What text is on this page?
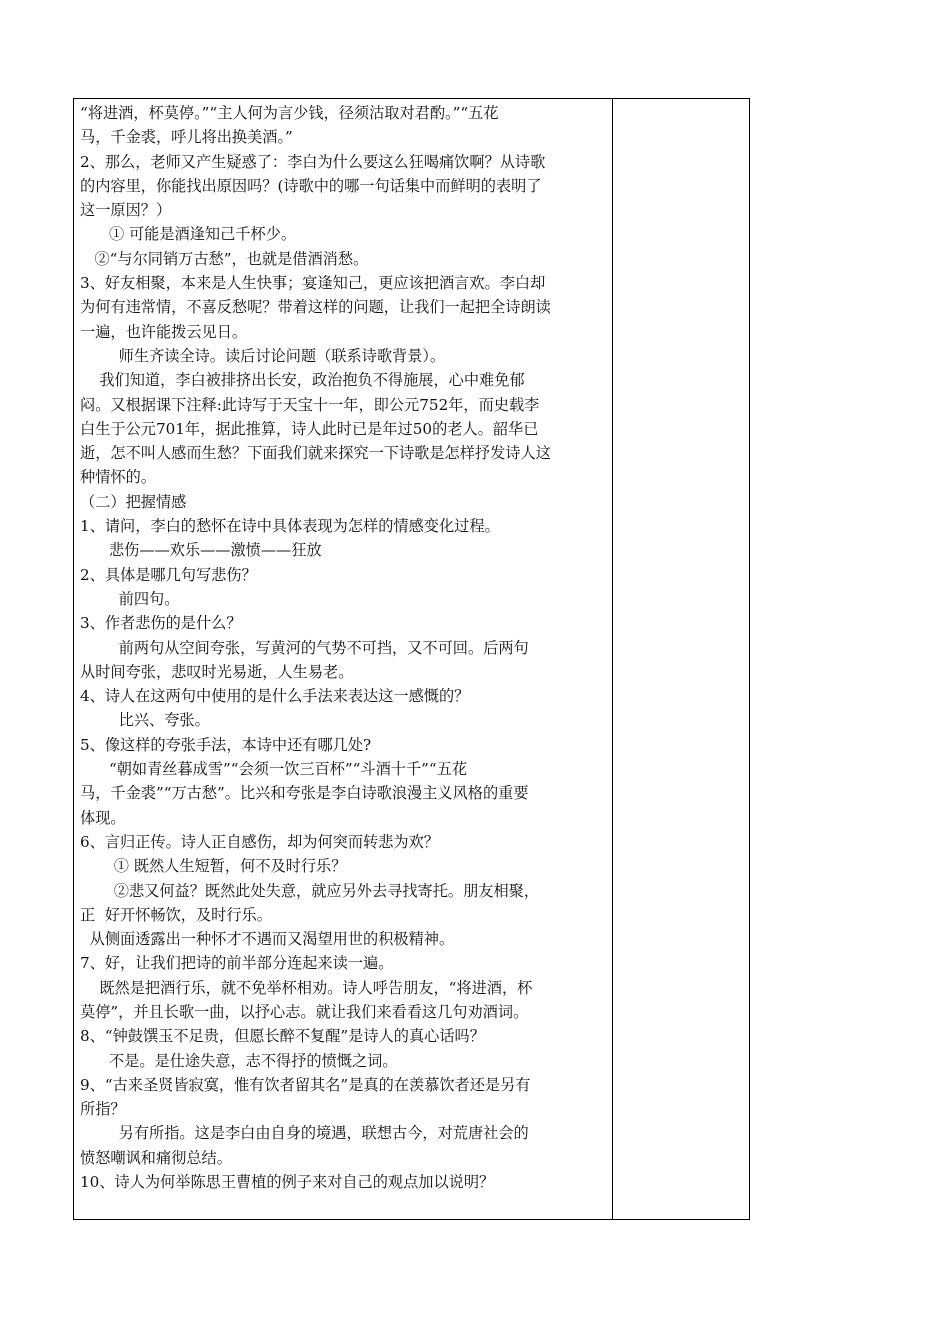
“将进酒，杯莫停。”“主人何为言少钱，径须沽取对君酌。”“五花

马，千金裘，呼儿将出换美酒。”

2、那么，老师又产生疑惑了：李白为什么要这么狂喝痛饮啊？从诗歌

的内容里，你能找出原因吗？(诗歌中的哪一句话集中而鲜明的表明了

这一原因？）

① 可能是酒逢知己千杯少。

②“与尔同销万古愁”，也就是借酒消愁。

3、好友相聚，本来是人生快事；宴逢知己，更应该把酒言欢。李白却

为何有违常情，不喜反愁呢？带着这样的问题，让我们一起把全诗朗读

一遍，也许能拨云见日。

师生齐读全诗。读后讨论问题（联系诗歌背景）。

我们知道，李白被排挤出长安，政治抱负不得施展，心中难免郁

闷。又根据课下注释:此诗写于天宝十一年，即公元752年，而史载李

白生于公元701年，据此推算，诗人此时已是年过50的老人。韶华已

逝，怎不叫人感而生愁？下面我们就来探究一下诗歌是怎样抒发诗人这

种情怀的。

（二）把握情感

1、请问，李白的愁怀在诗中具体表现为怎样的情感变化过程。

悲伤——欢乐——激愤——狂放

2、具体是哪几句写悲伤？

前四句。

3、作者悲伤的是什么？

前两句从空间夸张，写黄河的气势不可挡，又不可回。后两句

从时间夸张，悲叹时光易逝，人生易老。

4、诗人在这两句中使用的是什么手法来表达这一感慨的？

比兴、夸张。

5、像这样的夸张手法，本诗中还有哪几处?

“朝如青丝暮成雪”“会须一饮三百杯”“斗酒十千”“五花

马，千金裘”“万古愁”。比兴和夸张是李白诗歌浪漫主义风格的重要

体现。

6、言归正传。诗人正自感伤，却为何突而转悲为欢？

① 既然人生短暂，何不及时行乐？

②悲又何益？既然此处失意，就应另外去寻找寄托。朋友相聚，

正  好开怀畅饮，及时行乐。

从侧面透露出一种怀才不遇而又渴望用世的积极精神。

7、好，让我们把诗的前半部分连起来读一遍。

既然是把酒行乐，就不免举杯相劝。诗人呼告朋友，“将进酒，杯

莫停”，并且长歌一曲，以抒心志。就让我们来看看这几句劝酒词。

8、“钟鼓馔玉不足贵，但愿长醉不复醒”是诗人的真心话吗？

不是。是仕途失意，志不得抒的愤慨之词。

9、“古来圣贤皆寂寞，惟有饮者留其名”是真的在羡慕饮者还是另有

所指？

另有所指。这是李白由自身的境遇，联想古今，对荒唐社会的

愤怒嘲讽和痛彻总结。

10、诗人为何举陈思王曹植的例子来对自己的观点加以说明？
